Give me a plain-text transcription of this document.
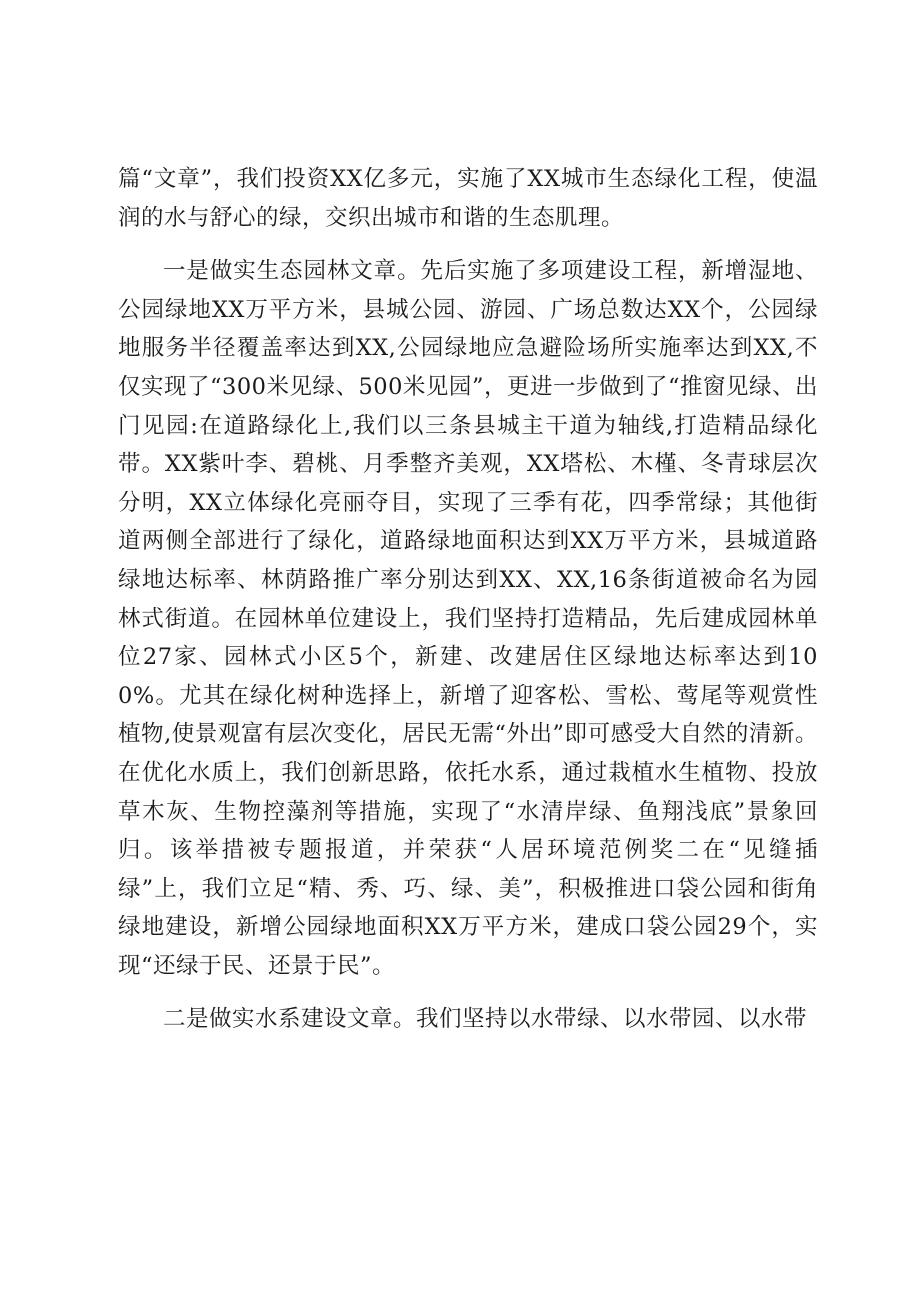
篇“文章”，我们投资XX亿多元，实施了XX城市生态绿化工程，使温润的水与舒心的绿，交织出城市和谐的生态肌理。

一是做实生态园林文章。先后实施了多项建设工程，新增湿地、公园绿地XX万平方米，县城公园、游园、广场总数达XX个，公园绿地服务半径覆盖率达到XX,公园绿地应急避险场所实施率达到XX,不仅实现了“300米见绿、500米见园”，更进一步做到了“推窗见绿、出门见园:在道路绿化上,我们以三条县城主干道为轴线,打造精品绿化带。XX紫叶李、碧桃、月季整齐美观，XX塔松、木槿、冬青球层次分明，XX立体绿化亮丽夺目，实现了三季有花，四季常绿；其他街道两侧全部进行了绿化，道路绿地面积达到XX万平方米，县城道路绿地达标率、林荫路推广率分别达到XX、XX,16条街道被命名为园林式街道。在园林单位建设上，我们坚持打造精品，先后建成园林单位27家、园林式小区5个，新建、改建居住区绿地达标率达到100%。尤其在绿化树种选择上，新增了迎客松、雪松、莺尾等观赏性植物,使景观富有层次变化，居民无需“外出”即可感受大自然的清新。在优化水质上，我们创新思路，依托水系，通过栽植水生植物、投放草木灰、生物控藻剂等措施，实现了“水清岸绿、鱼翔浅底”景象回归。该举措被专题报道，并荣获“人居环境范例奖二在“见缝插绿”上，我们立足“精、秀、巧、绿、美”，积极推进口袋公园和街角绿地建设，新增公园绿地面积XX万平方米，建成口袋公园29个，实现“还绿于民、还景于民”。

二是做实水系建设文章。我们坚持以水带绿、以水带园、以水带
